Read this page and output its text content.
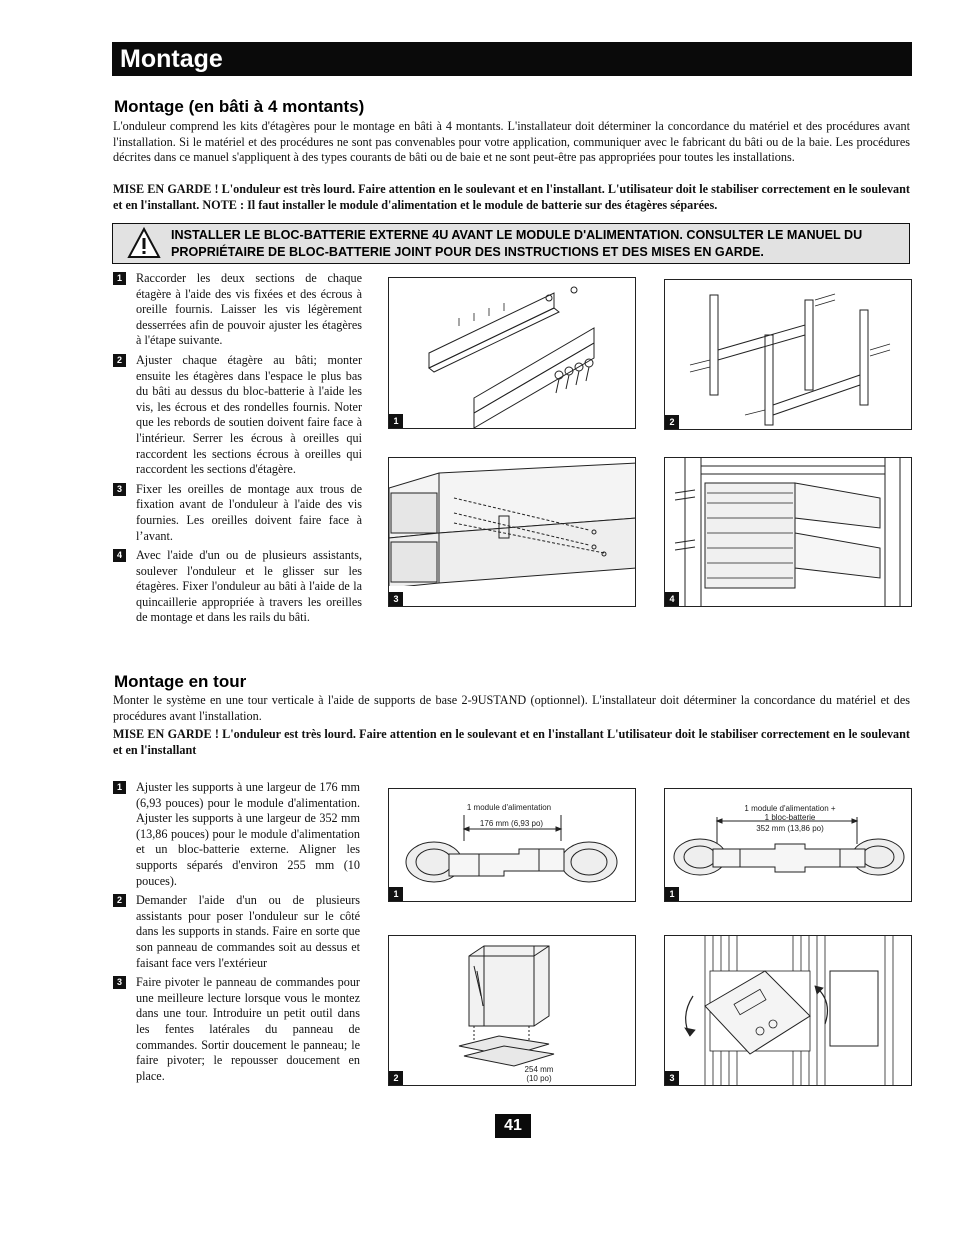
Montage
Montage (en bâti à 4 montants)

L'onduleur comprend les kits d'étagères pour le montage en bâti à 4 montants. L'installateur doit déterminer la concordance du matériel et des procédures avant l'installation. Si le matériel et des procédures ne sont pas convenables pour votre application, communiquer avec le fabricant du bâti ou de la baie. Les procédures décrites dans ce manuel s'appliquent à des types courants de bâti ou de baie et ne sont peut-être pas appropriées pour toutes les installations.

MISE EN GARDE ! L'onduleur est très lourd. Faire attention en le soulevant et en l'installant. L'utilisateur doit le stabiliser correctement en le soulevant et en l'installant. NOTE : Il faut installer le module d'alimentation et le module de batterie sur des étagères séparées.

INSTALLER LE BLOC-BATTERIE EXTERNE 4U AVANT LE MODULE D'ALIMENTATION. CONSULTER LE MANUEL DU PROPRIÉTAIRE DE BLOC-BATTERIE JOINT POUR DES INSTRUCTIONS ET DES MISES EN GARDE.
1	Raccorder les deux sections de chaque étagère à l'aide des vis fixées et des écrous à oreille fournis. Laisser les vis légèrement desserrées afin de pouvoir ajuster les étagères à l'étape suivante.
2	Ajuster chaque étagère au bâti; monter ensuite les étagères dans l'espace le plus bas du bâti au dessus du bloc-batterie à l'aide les vis, les écrous et des rondelles fournis. Noter que les rebords de soutien doivent faire face à l'intérieur. Serrer les écrous à oreilles qui raccordent les sections écrous à oreilles qui raccordent les sections d'étagère.
3	Fixer les oreilles de montage aux trous de fixation avant de l'onduleur à l'aide des vis fournies. Les oreilles doivent faire face à l’avant.
4	Avec l'aide d'un ou de plusieurs assistants, soulever l'onduleur et le glisser sur les étagères. Fixer l'onduleur au bâti à l'aide de la quincaillerie appropriée à travers les oreilles de montage et dans les rails du bâti.
1	2
3	4
Montage en tour

Monter le système en une tour verticale à l'aide de supports de base 2-9USTAND (optionnel). L'installateur doit déterminer la concordance du matériel et des procédures avant l'installation.

MISE EN GARDE ! L'onduleur est très lourd. Faire attention en le soulevant et en l'installant L'utilisateur doit le stabiliser correctement en le soulevant et en l'installant

1	Ajuster les supports à une largeur de 176 mm (6,93 pouces) pour le module d'alimentation. Ajuster les supports à une largeur de 352 mm (13,86 pouces) pour le module d'alimentation et un bloc-batterie externe. Aligner les supports séparés d'environ 255 mm (10 pouces).
2	Demander l'aide d'un ou de plusieurs assistants pour poser l'onduleur sur le côté dans les supports in stands. Faire en sorte que son panneau de commandes soit au dessus et faisant face vers l'extérieur
3	Faire pivoter le panneau de commandes pour une meilleure lecture lorsque vous le montez dans une tour. Introduire un petit outil dans les fentes latérales du panneau de commandes. Sortir doucement le panneau; le faire pivoter; le repousser doucement en place.
1 module d'alimentation
176 mm (6,93 po)
1
1 module d'alimentation +
1 bloc-batterie
352 mm (13,86 po)
1
254 mm
(10 po)
2	3
41
